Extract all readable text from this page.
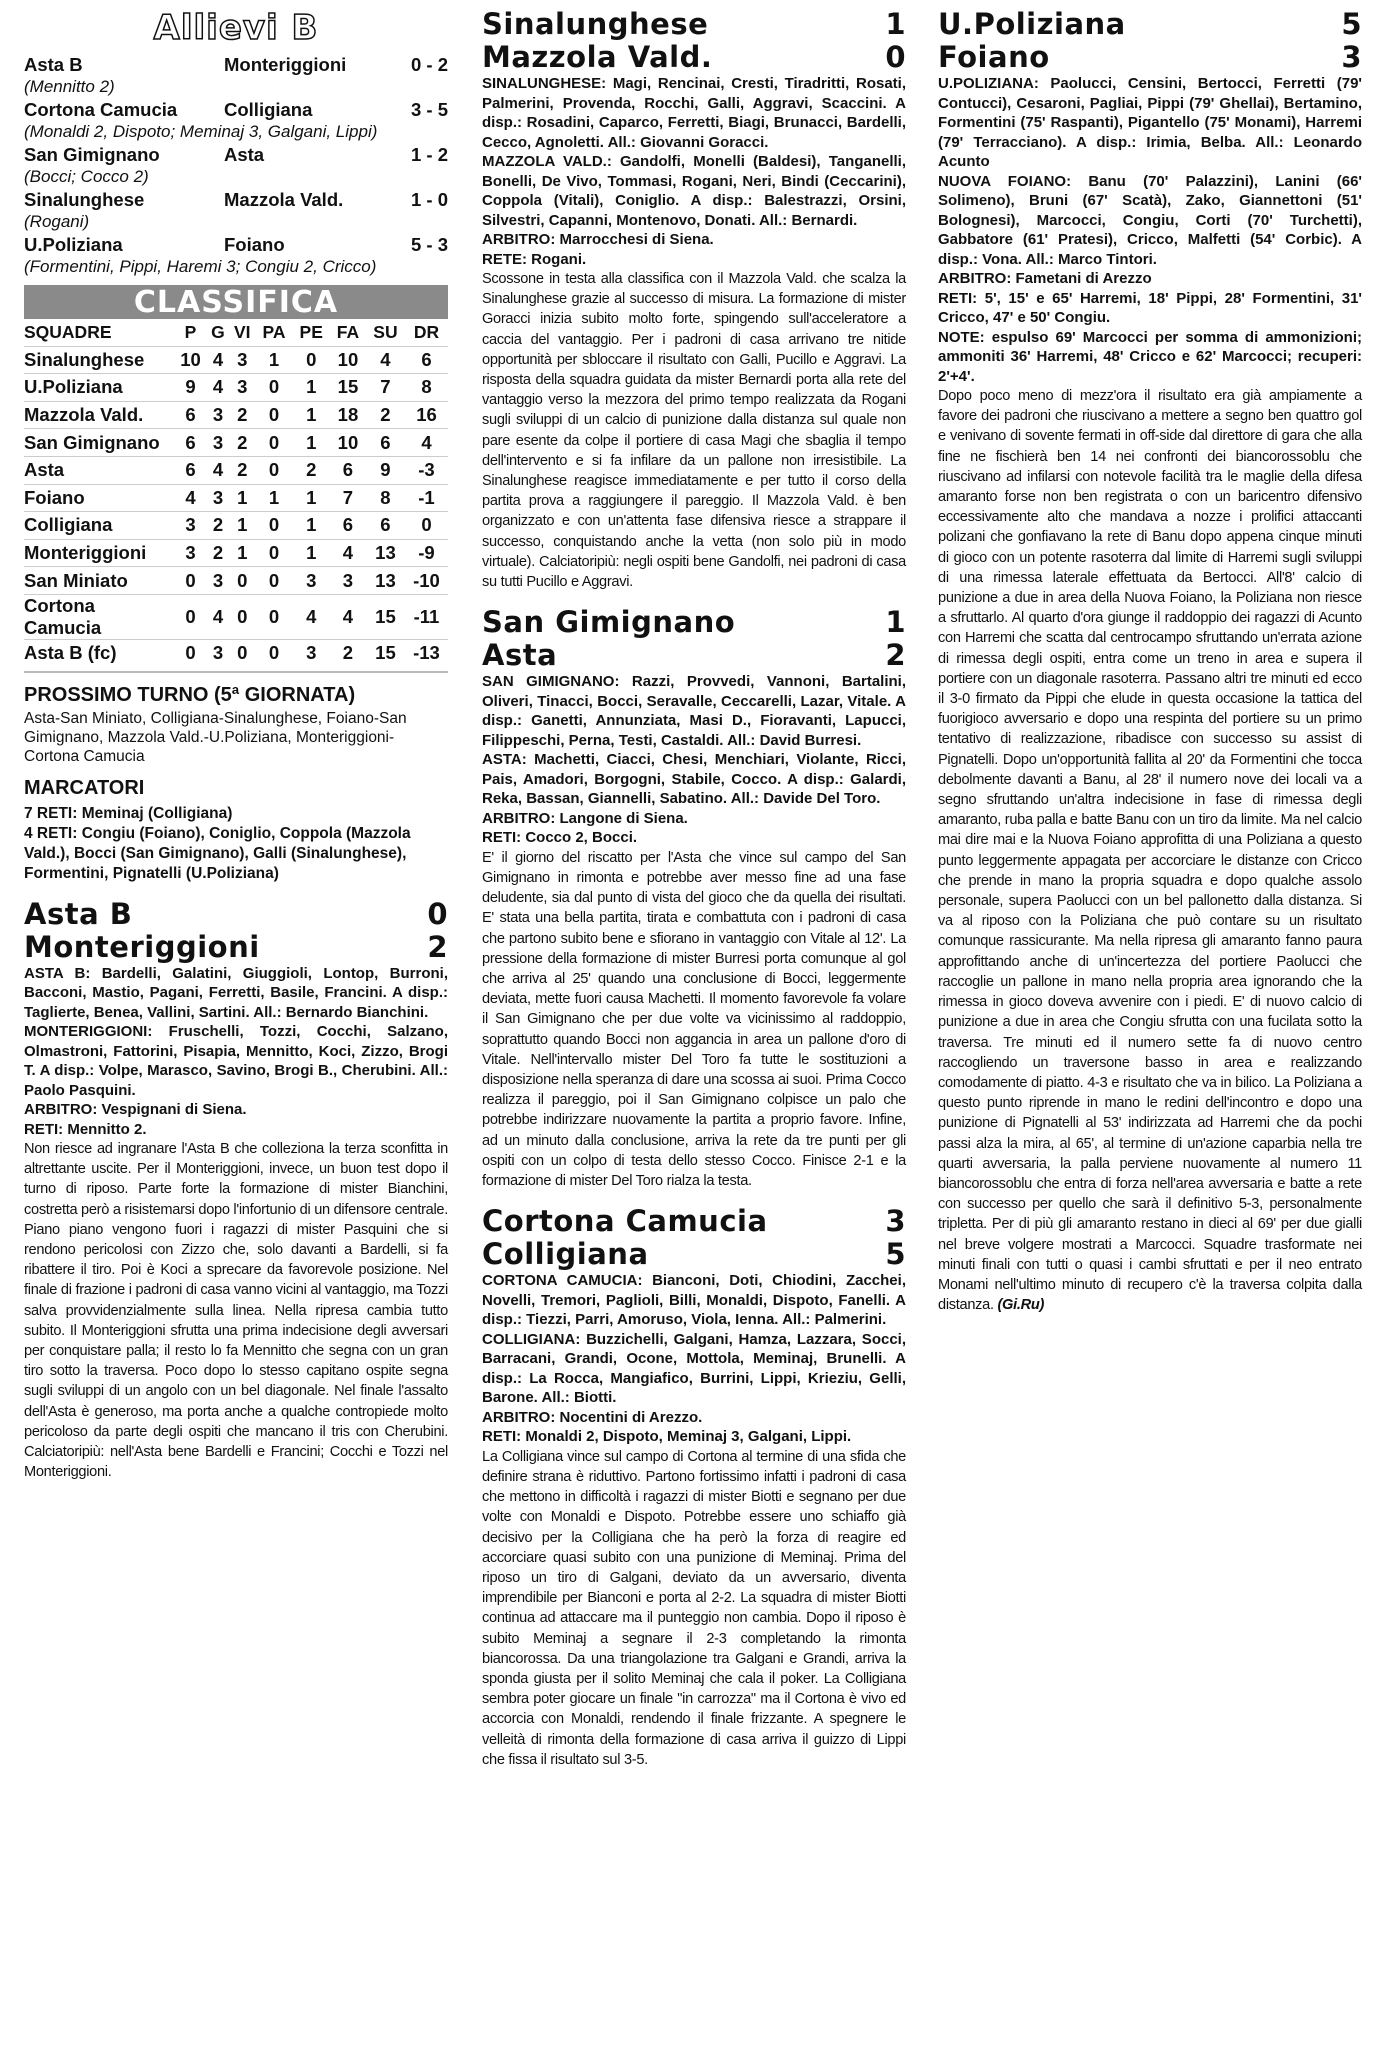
Allievi B
Asta B	Monteriggioni	0 - 2
(Mennitto 2)
Cortona Camucia	Colligiana	3 - 5
(Monaldi 2, Dispoto; Meminaj 3, Galgani, Lippi)
San Gimignano	Asta	1 - 2
(Bocci; Cocco 2)
Sinalunghese	Mazzola Vald.	1 - 0
(Rogani)
U.Poliziana	Foiano	5 - 3
(Formentini, Pippi, Haremi 3; Congiu 2, Cricco)
CLASSIFICA
SQUADRE	P	G	VI	PA	PE	FA	SU	DR
Sinalunghese	10	4	3	1	0	10	4	6
U.Poliziana	9	4	3	0	1	15	7	8
Mazzola Vald.	6	3	2	0	1	18	2	16
San Gimignano	6	3	2	0	1	10	6	4
Asta	6	4	2	0	2	6	9	-3
Foiano	4	3	1	1	1	7	8	-1
Colligiana	3	2	1	0	1	6	6	0
Monteriggioni	3	2	1	0	1	4	13	-9
San Miniato	0	3	0	0	3	3	13	-10
Cortona Camucia	0	4	0	0	4	4	15	-11
Asta B (fc)	0	3	0	0	3	2	15	-13
PROSSIMO TURNO (5ª GIORNATA)
Asta-San Miniato, Colligiana-Sinalunghese, Foiano-San Gimignano, Mazzola Vald.-U.Poliziana, Monteriggioni-Cortona Camucia
MARCATORI
7 RETI: Meminaj (Colligiana)
4 RETI: Congiu (Foiano), Coniglio, Coppola (Mazzola Vald.), Bocci (San Gimignano), Galli (Sinalunghese), Formentini, Pignatelli (U.Poliziana)
Asta B	0
Monteriggioni	2
ASTA B: Bardelli, Galatini, Giuggioli, Lontop, Burroni, Bacconi, Mastio, Pagani, Ferretti, Basile, Francini. A disp.: Taglierte, Benea, Vallini, Sartini. All.: Bernardo Bianchini.
MONTERIGGIONI: Fruschelli, Tozzi, Cocchi, Salzano, Olmastroni, Fattorini, Pisapia, Mennitto, Koci, Zizzo, Brogi T. A disp.: Volpe, Marasco, Savino, Brogi B., Cherubini. All.: Paolo Pasquini.
ARBITRO: Vespignani di Siena.
RETI: Mennitto 2.
Non riesce ad ingranare l'Asta B che colleziona la terza sconfitta in altrettante uscite. Per il Monteriggioni, invece, un buon test dopo il turno di riposo. Parte forte la formazione di mister Bianchini, costretta però a risistemarsi dopo l'infortunio di un difensore centrale. Piano piano vengono fuori i ragazzi di mister Pasquini che si rendono pericolosi con Zizzo che, solo davanti a Bardelli, si fa ribattere il tiro. Poi è Koci a sprecare da favorevole posizione. Nel finale di frazione i padroni di casa vanno vicini al vantaggio, ma Tozzi salva provvidenzialmente sulla linea. Nella ripresa cambia tutto subito. Il Monteriggioni sfrutta una prima indecisione degli avversari per conquistare palla; il resto lo fa Mennitto che segna con un gran tiro sotto la traversa. Poco dopo lo stesso capitano ospite segna sugli sviluppi di un angolo con un bel diagonale. Nel finale l'assalto dell'Asta è generoso, ma porta anche a qualche contropiede molto pericoloso da parte degli ospiti che mancano il tris con Cherubini. Calciatoripiù: nell'Asta bene Bardelli e Francini; Cocchi e Tozzi nel Monteriggioni.
Sinalunghese	1
Mazzola Vald.	0
SINALUNGHESE: Magi, Rencinai, Cresti, Tiradritti, Rosati, Palmerini, Provenda, Rocchi, Galli, Aggravi, Scaccini. A disp.: Rosadini, Caparco, Ferretti, Biagi, Brunacci, Bardelli, Cecco, Agnoletti. All.: Giovanni Goracci.
MAZZOLA VALD.: Gandolfi, Monelli (Baldesi), Tanganelli, Bonelli, De Vivo, Tommasi, Rogani, Neri, Bindi (Ceccarini), Coppola (Vitali), Coniglio. A disp.: Balestrazzi, Orsini, Silvestri, Capanni, Montenovo, Donati. All.: Bernardi.
ARBITRO: Marrocchesi di Siena.
RETE: Rogani.
Scossone in testa alla classifica con il Mazzola Vald. che scalza la Sinalunghese grazie al successo di misura. La formazione di mister Goracci inizia subito molto forte, spingendo sull'acceleratore a caccia del vantaggio. Per i padroni di casa arrivano tre nitide opportunità per sbloccare il risultato con Galli, Pucillo e Aggravi. La risposta della squadra guidata da mister Bernardi porta alla rete del vantaggio verso la mezzora del primo tempo realizzata da Rogani sugli sviluppi di un calcio di punizione dalla distanza sul quale non pare esente da colpe il portiere di casa Magi che sbaglia il tempo dell'intervento e si fa infilare da un pallone non irresistibile. La Sinalunghese reagisce immediatamente e per tutto il corso della partita prova a raggiungere il pareggio. Il Mazzola Vald. è ben organizzato e con un'attenta fase difensiva riesce a strappare il successo, conquistando anche la vetta (non solo più in modo virtuale). Calciatoripiù: negli ospiti bene Gandolfi, nei padroni di casa su tutti Pucillo e Aggravi.
San Gimignano	1
Asta	2
SAN GIMIGNANO: Razzi, Provvedi, Vannoni, Bartalini, Oliveri, Tinacci, Bocci, Seravalle, Ceccarelli, Lazar, Vitale. A disp.: Ganetti, Annunziata, Masi D., Fioravanti, Lapucci, Filippeschi, Perna, Testi, Castaldi. All.: David Burresi.
ASTA: Machetti, Ciacci, Chesi, Menchiari, Violante, Ricci, Pais, Amadori, Borgogni, Stabile, Cocco. A disp.: Galardi, Reka, Bassan, Giannelli, Sabatino. All.: Davide Del Toro.
ARBITRO: Langone di Siena.
RETI: Cocco 2, Bocci.
E' il giorno del riscatto per l'Asta che vince sul campo del San Gimignano in rimonta e potrebbe aver messo fine ad una fase deludente, sia dal punto di vista del gioco che da quella dei risultati. E' stata una bella partita, tirata e combattuta con i padroni di casa che partono subito bene e sfiorano in vantaggio con Vitale al 12'. La pressione della formazione di mister Burresi porta comunque al gol che arriva al 25' quando una conclusione di Bocci, leggermente deviata, mette fuori causa Machetti. Il momento favorevole fa volare il San Gimignano che per due volte va vicinissimo al raddoppio, soprattutto quando Bocci non aggancia in area un pallone d'oro di Vitale. Nell'intervallo mister Del Toro fa tutte le sostituzioni a disposizione nella speranza di dare una scossa ai suoi. Prima Cocco realizza il pareggio, poi il San Gimignano colpisce un palo che potrebbe indirizzare nuovamente la partita a proprio favore. Infine, ad un minuto dalla conclusione, arriva la rete da tre punti per gli ospiti con un colpo di testa dello stesso Cocco. Finisce 2-1 e la formazione di mister Del Toro rialza la testa.
Cortona Camucia	3
Colligiana	5
CORTONA CAMUCIA: Bianconi, Doti, Chiodini, Zacchei, Novelli, Tremori, Paglioli, Billi, Monaldi, Dispoto, Fanelli. A disp.: Tiezzi, Parri, Amoruso, Viola, Ienna. All.: Palmerini.
COLLIGIANA: Buzzichelli, Galgani, Hamza, Lazzara, Socci, Barracani, Grandi, Ocone, Mottola, Meminaj, Brunelli. A disp.: La Rocca, Mangiafico, Burrini, Lippi, Krieziu, Gelli, Barone. All.: Biotti.
ARBITRO: Nocentini di Arezzo.
RETI: Monaldi 2, Dispoto, Meminaj 3, Galgani, Lippi.
La Colligiana vince sul campo di Cortona al termine di una sfida che definire strana è riduttivo. Partono fortissimo infatti i padroni di casa che mettono in difficoltà i ragazzi di mister Biotti e segnano per due volte con Monaldi e Dispoto. Potrebbe essere uno schiaffo già decisivo per la Colligiana che ha però la forza di reagire ed accorciare quasi subito con una punizione di Meminaj. Prima del riposo un tiro di Galgani, deviato da un avversario, diventa imprendibile per Bianconi e porta al 2-2. La squadra di mister Biotti continua ad attaccare ma il punteggio non cambia. Dopo il riposo è subito Meminaj a segnare il 2-3 completando la rimonta biancorossa. Da una triangolazione tra Galgani e Grandi, arriva la sponda giusta per il solito Meminaj che cala il poker. La Colligiana sembra poter giocare un finale "in carrozza" ma il Cortona è vivo ed accorcia con Monaldi, rendendo il finale frizzante. A spegnere le velleità di rimonta della formazione di casa arriva il guizzo di Lippi che fissa il risultato sul 3-5.
U.Poliziana	5
Foiano	3
U.POLIZIANA: Paolucci, Censini, Bertocci, Ferretti (79' Contucci), Cesaroni, Pagliai, Pippi (79' Ghellai), Bertamino, Formentini (75' Raspanti), Pigantello (75' Monami), Harremi (79' Terracciano). A disp.: Irimia, Belba. All.: Leonardo Acunto
NUOVA FOIANO: Banu (70' Palazzini), Lanini (66' Solimeno), Bruni (67' Scatà), Zako, Giannettoni (51' Bolognesi), Marcocci, Congiu, Corti (70' Turchetti), Gabbatore (61' Pratesi), Cricco, Malfetti (54' Corbic). A disp.: Vona. All.: Marco Tintori.
ARBITRO: Fametani di Arezzo
RETI: 5', 15' e 65' Harremi, 18' Pippi, 28' Formentini, 31' Cricco, 47' e 50' Congiu.
NOTE: espulso 69' Marcocci per somma di ammonizioni; ammoniti 36' Harremi, 48' Cricco e 62' Marcocci; recuperi: 2'+4'.
Dopo poco meno di mezz'ora il risultato era già ampiamente a favore dei padroni che riuscivano a mettere a segno ben quattro gol e venivano di sovente fermati in off-side dal direttore di gara che alla fine ne fischierà ben 14 nei confronti dei biancorossoblu che riuscivano ad infilarsi con notevole facilità tra le maglie della difesa amaranto forse non ben registrata o con un baricentro difensivo eccessivamente alto che mandava a nozze i prolifici attaccanti polizani che gonfiavano la rete di Banu dopo appena cinque minuti di gioco con un potente rasoterra dal limite di Harremi sugli sviluppi di una rimessa laterale effettuata da Bertocci. All'8' calcio di punizione a due in area della Nuova Foiano, la Poliziana non riesce a sfruttarlo. Al quarto d'ora giunge il raddoppio dei ragazzi di Acunto con Harremi che scatta dal centrocampo sfruttando un'errata azione di rimessa degli ospiti, entra come un treno in area e supera il portiere con un diagonale rasoterra. Passano altri tre minuti ed ecco il 3-0 firmato da Pippi che elude in questa occasione la tattica del fuorigioco avversario e dopo una respinta del portiere su un primo tentativo di realizzazione, ribadisce con successo su assist di Pignatelli. Dopo un'opportunità fallita al 20' da Formentini che tocca debolmente davanti a Banu, al 28' il numero nove dei locali va a segno sfruttando un'altra indecisione in fase di rimessa degli amaranto, ruba palla e batte Banu con un tiro da limite. Ma nel calcio mai dire mai e la Nuova Foiano approfitta di una Poliziana a questo punto leggermente appagata per accorciare le distanze con Cricco che prende in mano la propria squadra e dopo qualche assolo personale, supera Paolucci con un bel pallonetto dalla distanza. Si va al riposo con la Poliziana che può contare su un risultato comunque rassicurante. Ma nella ripresa gli amaranto fanno paura approfittando anche di un'incertezza del portiere Paolucci che raccoglie un pallone in mano nella propria area ignorando che la rimessa in gioco doveva avvenire con i piedi. E' di nuovo calcio di punizione a due in area che Congiu sfrutta con una fucilata sotto la traversa. Tre minuti ed il numero sette fa di nuovo centro raccogliendo un traversone basso in area e realizzando comodamente di piatto. 4-3 e risultato che va in bilico. La Poliziana a questo punto riprende in mano le redini dell'incontro e dopo una punizione di Pignatelli al 53' indirizzata ad Harremi che da pochi passi alza la mira, al 65', al termine di un'azione caparbia nella tre quarti avversaria, la palla perviene nuovamente al numero 11 biancorossoblu che entra di forza nell'area avversaria e batte a rete con successo per quello che sarà il definitivo 5-3, personalmente tripletta. Per di più gli amaranto restano in dieci al 69' per due gialli nel breve volgere mostrati a Marcocci. Squadre trasformate nei minuti finali con tutti o quasi i cambi sfruttati e per il neo entrato Monami nell'ultimo minuto di recupero c'è la traversa colpita dalla distanza. (Gi.Ru)
